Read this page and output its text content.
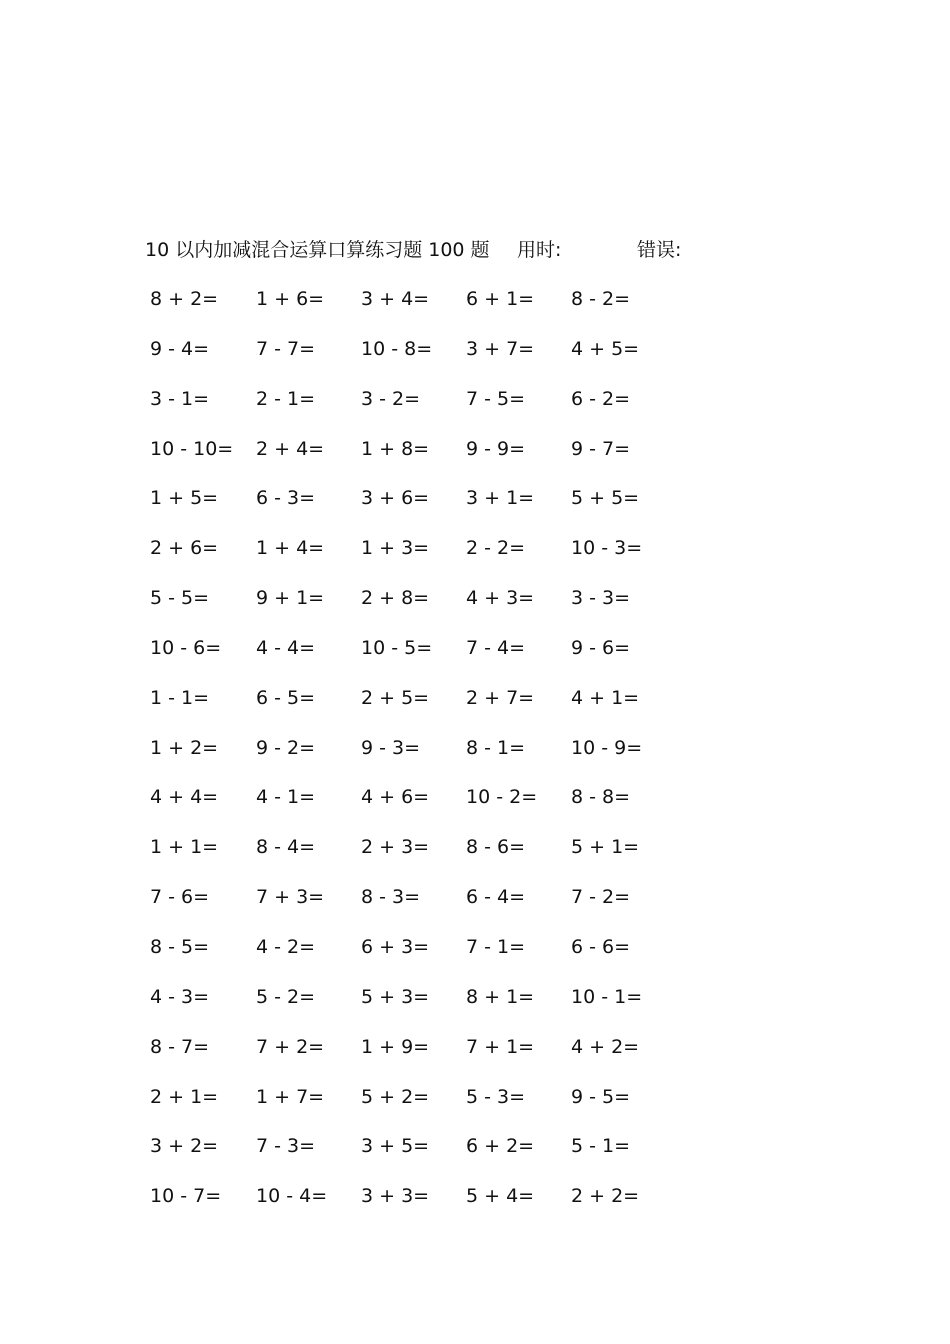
10 以内加减混合运算口算练习题 100 题 用时:	错误:
8 + 2= 1 + 6= 3 + 4= 6 + 1= 8 - 2=
9 - 4= 7 - 7= 10 - 8= 3 + 7= 4 + 5=
3 - 1= 2 - 1= 3 - 2= 7 - 5= 6 - 2=
10 - 10= 2 + 4= 1 + 8= 9 - 9= 9 - 7=
1 + 5= 6 - 3= 3 + 6= 3 + 1= 5 + 5=
2 + 6= 1 + 4= 1 + 3= 2 - 2= 10 - 3=
5 - 5= 9 + 1= 2 + 8= 4 + 3= 3 - 3=
10 - 6= 4 - 4= 10 - 5= 7 - 4= 9 - 6=
1 - 1= 6 - 5= 2 + 5= 2 + 7= 4 + 1=
1 + 2= 9 - 2= 9 - 3= 8 - 1= 10 - 9=
4 + 4= 4 - 1= 4 + 6= 10 - 2= 8 - 8=
1 + 1= 8 - 4= 2 + 3= 8 - 6= 5 + 1=
7 - 6= 7 + 3= 8 - 3= 6 - 4= 7 - 2=
8 - 5= 4 - 2= 6 + 3= 7 - 1= 6 - 6=
4 - 3= 5 - 2= 5 + 3= 8 + 1= 10 - 1=
8 - 7= 7 + 2= 1 + 9= 7 + 1= 4 + 2=
2 + 1= 1 + 7= 5 + 2= 5 - 3= 9 - 5=
3 + 2= 7 - 3= 3 + 5= 6 + 2= 5 - 1=
10 - 7= 10 - 4= 3 + 3= 5 + 4= 2 + 2=
